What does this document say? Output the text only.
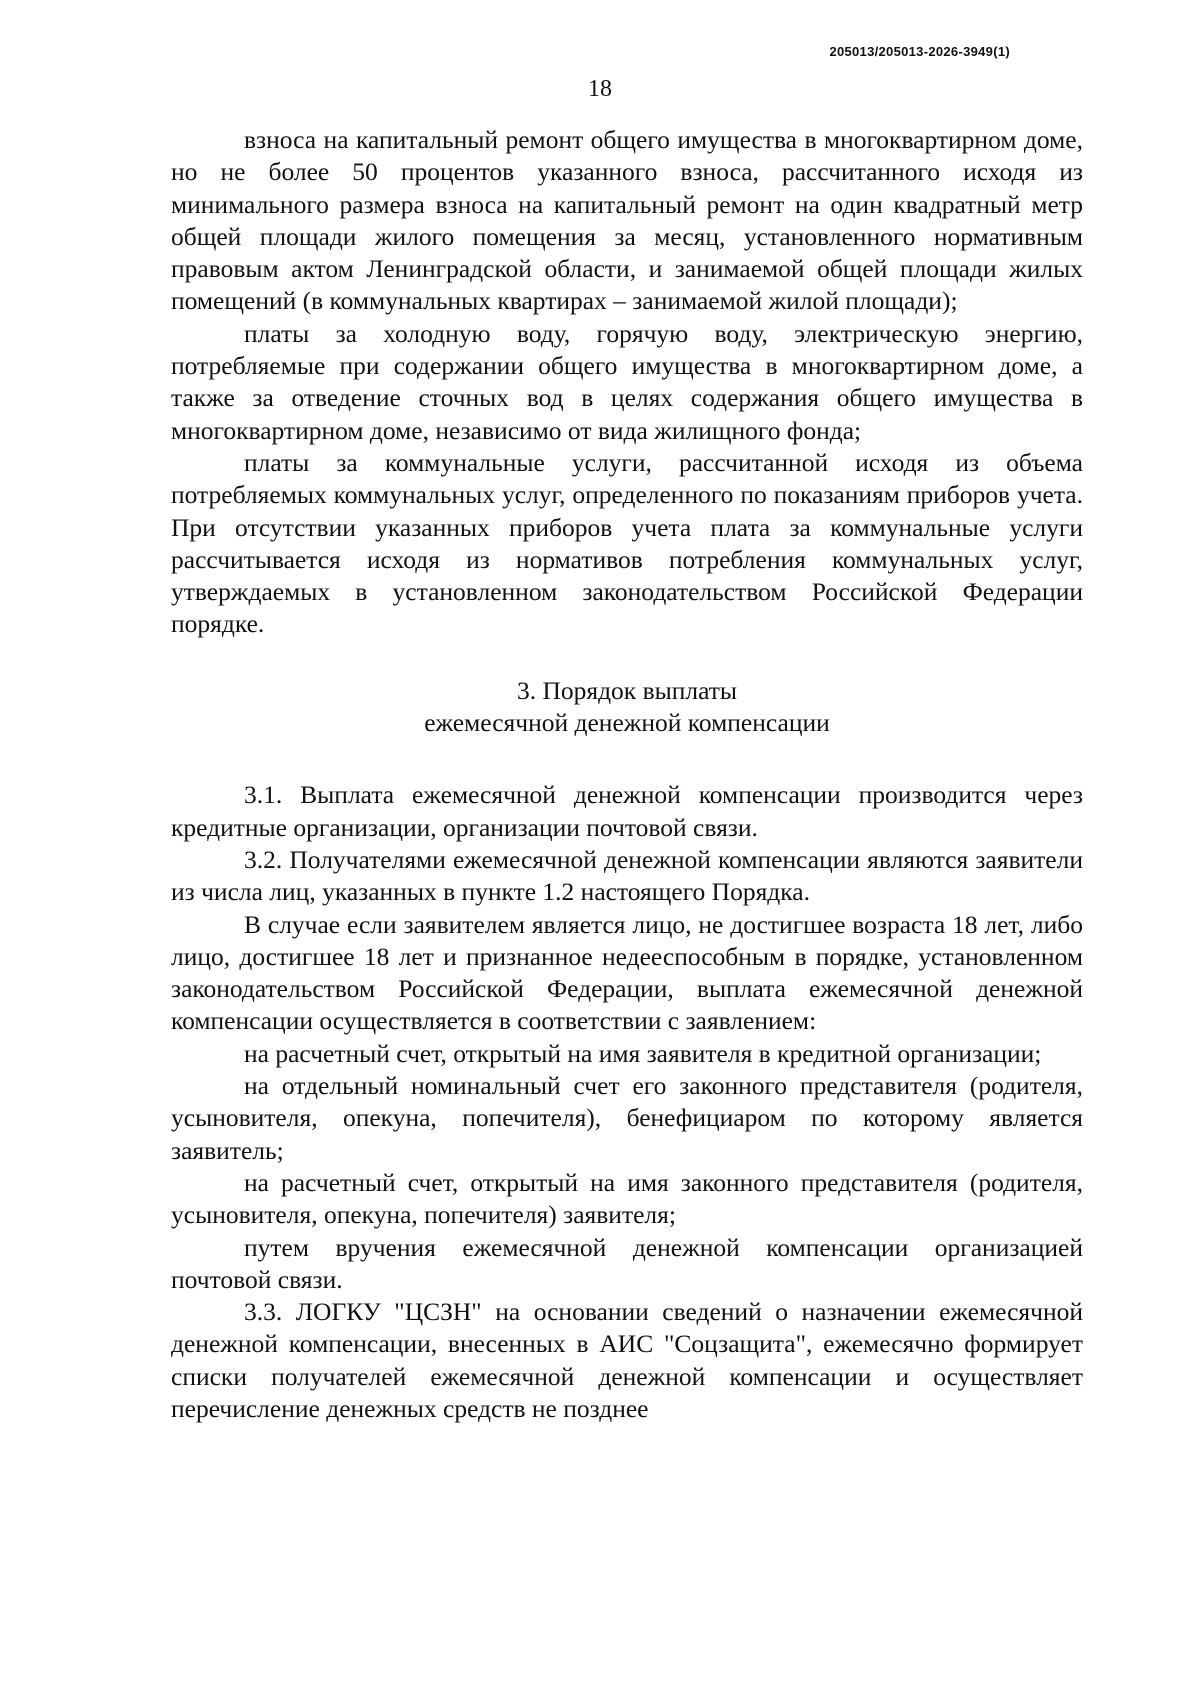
205013/205013-2026-3949(1)
18

взноса на капитальный ремонт общего имущества в многоквартирном доме, но не более 50 процентов указанного взноса, рассчитанного исходя из минимального размера взноса на капитальный ремонт на один квадратный метр общей площади жилого помещения за месяц, установленного нормативным правовым актом Ленинградской области, и занимаемой общей площади жилых помещений (в коммунальных квартирах – занимаемой жилой площади);

платы за холодную воду, горячую воду, электрическую энергию, потребляемые при содержании общего имущества в многоквартирном доме, а также за отведение сточных вод в целях содержания общего имущества в многоквартирном доме, независимо от вида жилищного фонда;

платы за коммунальные услуги, рассчитанной исходя из объема потребляемых коммунальных услуг, определенного по показаниям приборов учета. При отсутствии указанных приборов учета плата за коммунальные услуги рассчитывается исходя из нормативов потребления коммунальных услуг, утверждаемых в установленном законодательством Российской Федерации порядке.

3. Порядок выплаты
ежемесячной денежной компенсации

3.1. Выплата ежемесячной денежной компенсации производится через кредитные организации, организации почтовой связи.

3.2. Получателями ежемесячной денежной компенсации являются заявители из числа лиц, указанных в пункте 1.2 настоящего Порядка.

В случае если заявителем является лицо, не достигшее возраста 18 лет, либо лицо, достигшее 18 лет и признанное недееспособным в порядке, установленном законодательством Российской Федерации, выплата ежемесячной денежной компенсации осуществляется в соответствии с заявлением:

на расчетный счет, открытый на имя заявителя в кредитной организации;

на отдельный номинальный счет его законного представителя (родителя, усыновителя, опекуна, попечителя), бенефициаром по которому является заявитель;

на расчетный счет, открытый на имя законного представителя (родителя, усыновителя, опекуна, попечителя) заявителя;

путем вручения ежемесячной денежной компенсации организацией почтовой связи.

3.3. ЛОГКУ "ЦСЗН" на основании сведений о назначении ежемесячной денежной компенсации, внесенных в АИС "Соцзащита", ежемесячно формирует списки получателей ежемесячной денежной компенсации и осуществляет перечисление денежных средств не позднее
